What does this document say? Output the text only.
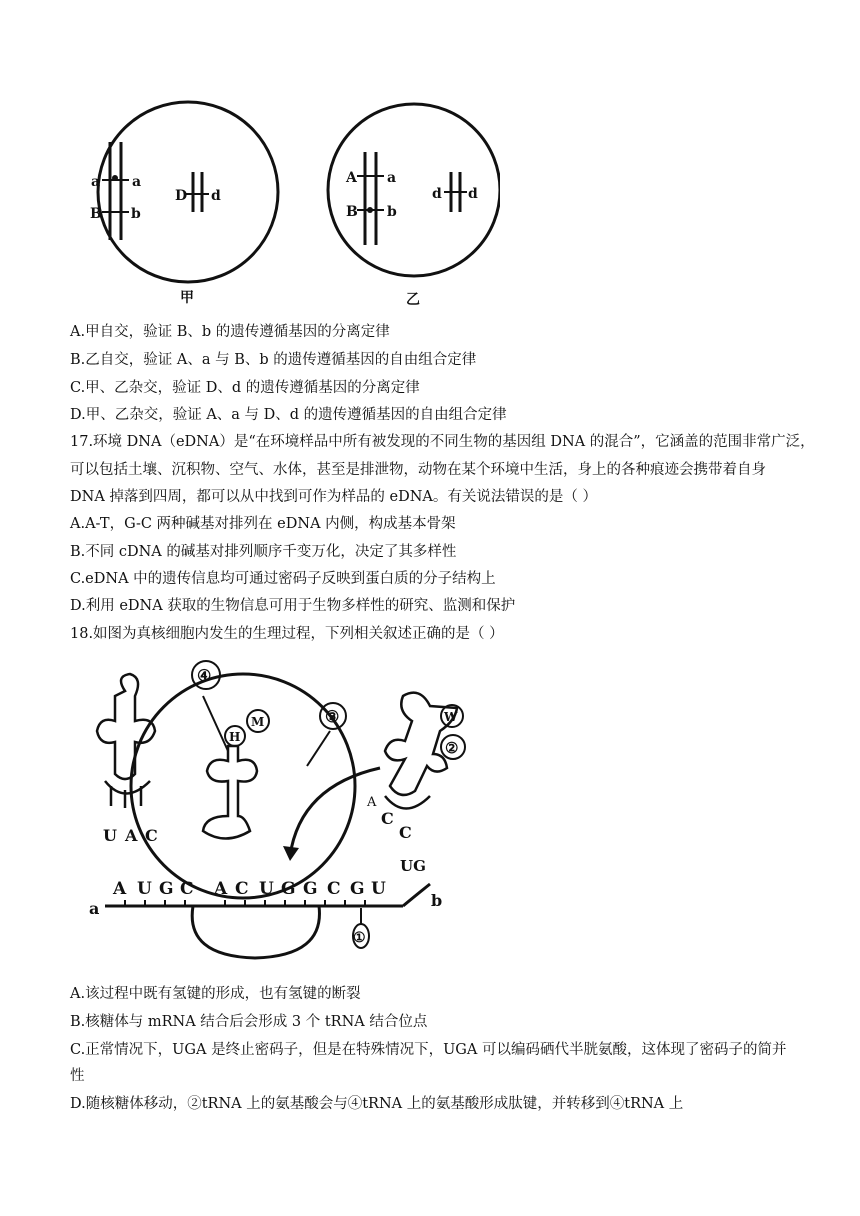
a a
B b
D d
甲
A a
B b
d d
乙
A.甲自交，验证 B、b 的遗传遵循基因的分离定律
B.乙自交，验证 A、a 与 B、b 的遗传遵循基因的自由组合定律
C.甲、乙杂交，验证 D、d 的遗传遵循基因的分离定律
D.甲、乙杂交，验证 A、a 与 D、d 的遗传遵循基因的自由组合定律
17.环境 DNA（eDNA）是“在环境样品中所有被发现的不同生物的基因组 DNA 的混合”，它涵盖的范围非常广泛，
可以包括土壤、沉积物、空气、水体，甚至是排泄物，动物在某个环境中生活，身上的各种痕迹会携带着自身
DNA 掉落到四周，都可以从中找到可作为样品的 eDNA。有关说法错误的是（ ）
A.A-T，G-C 两种碱基对排列在 eDNA 内侧，构成基本骨架
B.不同 cDNA 的碱基对排列顺序千变万化，决定了其多样性
C.eDNA 中的遗传信息均可通过密码子反映到蛋白质的分子结构上
D.利用 eDNA 获取的生物信息可用于生物多样性的研究、监测和保护
18.如图为真核细胞内发生的生理过程，下列相关叙述正确的是（ ）
A U G C A C U G G C G U
UG
a	b
U A C
H
M
④
③	W
②
A
C
C
①
A.该过程中既有氢键的形成，也有氢键的断裂
B.核糖体与 mRNA 结合后会形成 3 个 tRNA 结合位点
C.正常情况下，UGA 是终止密码子，但是在特殊情况下，UGA 可以编码硒代半胱氨酸，这体现了密码子的简并
性
D.随核糖体移动，②tRNA 上的氨基酸会与④tRNA 上的氨基酸形成肽键，并转移到④tRNA 上
